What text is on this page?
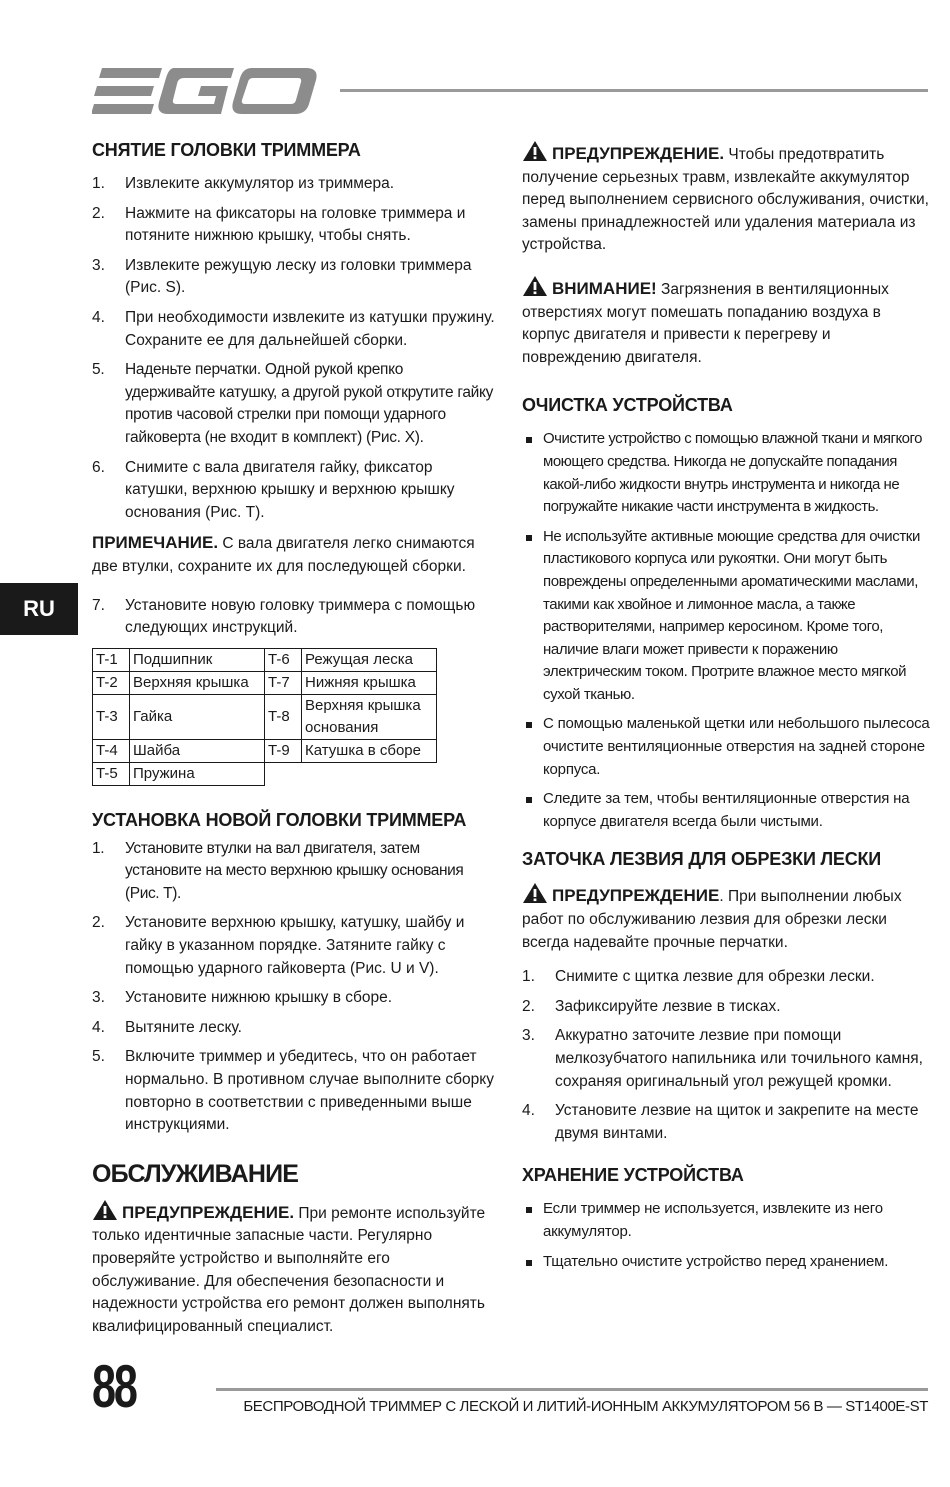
EGO
RU
СНЯТИЕ ГОЛОВКИ ТРИММЕРА
1. Извлеките аккумулятор из триммера.
2. Нажмите на фиксаторы на головке триммера и потяните нижнюю крышку, чтобы снять.
3. Извлеките режущую леску из головки триммера (Рис. S).
4. При необходимости извлеките из катушки пружину. Сохраните ее для дальнейшей сборки.
5. Наденьте перчатки. Одной рукой крепко удерживайте катушку, а другой рукой открутите гайку против часовой стрелки при помощи ударного гайковерта (не входит в комплект) (Рис. X).
6. Снимите с вала двигателя гайку, фиксатор катушки, верхнюю крышку и верхнюю крышку основания (Рис. T).
ПРИМЕЧАНИЕ. С вала двигателя легко снимаются две втулки, сохраните их для последующей сборки.
7. Установите новую головку триммера с помощью следующих инструкций.
T-1	Подшипник	T-6	Режущая леска
T-2	Верхняя крышка	T-7	Нижняя крышка
T-3	Гайка	T-8	Верхняя крышка основания
T-4	Шайба	T-9	Катушка в сборе
T-5	Пружина		
УСТАНОВКА НОВОЙ ГОЛОВКИ ТРИММЕРА
1. Установите втулки на вал двигателя, затем установите на место верхнюю крышку основания (Рис. T).
2. Установите верхнюю крышку, катушку, шайбу и гайку в указанном порядке. Затяните гайку с помощью ударного гайковерта (Рис. U и V).
3. Установите нижнюю крышку в сборе.
4. Вытяните леску.
5. Включите триммер и убедитесь, что он работает нормально. В противном случае выполните сборку повторно в соответствии с приведенными выше инструкциями.
ОБСЛУЖИВАНИЕ
ПРЕДУПРЕЖДЕНИЕ. При ремонте используйте только идентичные запасные части. Регулярно проверяйте устройство и выполняйте его обслуживание. Для обеспечения безопасности и надежности устройства его ремонт должен выполнять квалифицированный специалист.
ПРЕДУПРЕЖДЕНИЕ. Чтобы предотвратить получение серьезных травм, извлекайте аккумулятор перед выполнением сервисного обслуживания, очистки, замены принадлежностей или удаления материала из устройства.
ВНИМАНИЕ! Загрязнения в вентиляционных отверстиях могут помешать попаданию воздуха в корпус двигателя и привести к перегреву и повреждению двигателя.
ОЧИСТКА УСТРОЙСТВА
Очистите устройство с помощью влажной ткани и мягкого моющего средства. Никогда не допускайте попадания какой-либо жидкости внутрь инструмента и никогда не погружайте никакие части инструмента в жидкость.
Не используйте активные моющие средства для очистки пластикового корпуса или рукоятки. Они могут быть повреждены определенными ароматическими маслами, такими как хвойное и лимонное масла, а также растворителями, например керосином. Кроме того, наличие влаги может привести к поражению электрическим током. Протрите влажное место мягкой сухой тканью.
С помощью маленькой щетки или небольшого пылесоса очистите вентиляционные отверстия на задней стороне корпуса.
Следите за тем, чтобы вентиляционные отверстия на корпусе двигателя всегда были чистыми.
ЗАТОЧКА ЛЕЗВИЯ ДЛЯ ОБРЕЗКИ ЛЕСКИ
ПРЕДУПРЕЖДЕНИЕ. При выполнении любых работ по обслуживанию лезвия для обрезки лески всегда надевайте прочные перчатки.
1. Снимите с щитка лезвие для обрезки лески.
2. Зафиксируйте лезвие в тисках.
3. Аккуратно заточите лезвие при помощи мелкозубчатого напильника или точильного камня, сохраняя оригинальный угол режущей кромки.
4. Установите лезвие на щиток и закрепите на месте двумя винтами.
ХРАНЕНИЕ УСТРОЙСТВА
Если триммер не используется, извлеките из него аккумулятор.
Тщательно очистите устройство перед хранением.
88	БЕСПРОВОДНОЙ ТРИММЕР С ЛЕСКОЙ И ЛИТИЙ-ИОННЫМ АККУМУЛЯТОРОМ 56 В — ST1400E-ST
